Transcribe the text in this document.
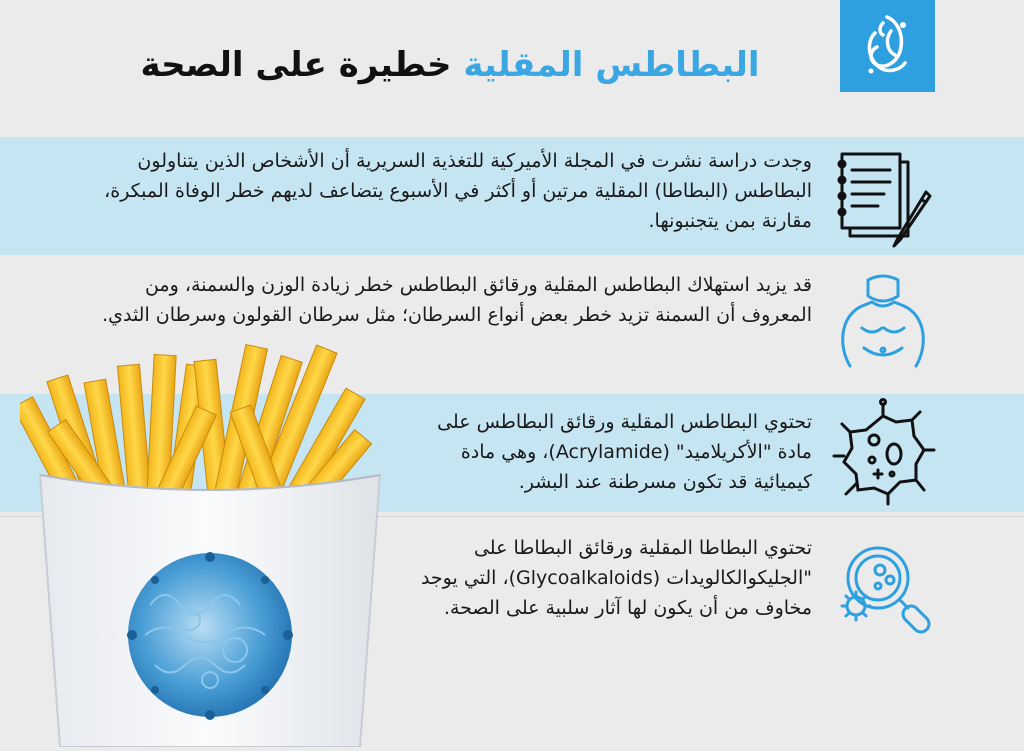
البطاطس المقلية خطيرة على الصحة

وجدت دراسة نشرت في المجلة الأميركية للتغذية السريرية أن الأشخاص الذين يتناولون البطاطس (البطاطا) المقلية مرتين أو أكثر في الأسبوع يتضاعف لديهم خطر الوفاة المبكرة، مقارنة بمن يتجنبونها.

قد يزيد استهلاك البطاطس المقلية ورقائق البطاطس خطر زيادة الوزن والسمنة، ومن المعروف أن السمنة تزيد خطر بعض أنواع السرطان؛ مثل سرطان القولون وسرطان الثدي.

تحتوي البطاطس المقلية ورقائق البطاطس على مادة "الأكريلاميد" (Acrylamide)، وهي مادة كيميائية قد تكون مسرطنة عند البشر.

تحتوي البطاطا المقلية ورقائق البطاطا على "الجليكوالكالويدات (Glycoalkaloids)، التي يوجد مخاوف من أن يكون لها آثار سلبية على الصحة.
